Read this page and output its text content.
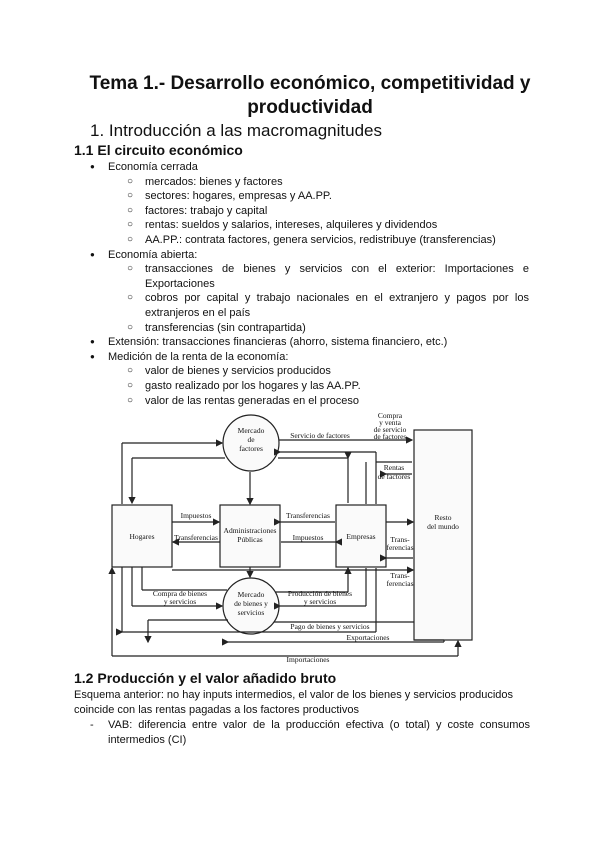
Tema 1.- Desarrollo económico, competitividad y productividad
1. Introducción a las macromagnitudes
1.1 El circuito económico
● Economía cerrada
○ mercados: bienes y factores
○ sectores: hogares, empresas y AA.PP.
○ factores: trabajo y capital
○ rentas: sueldos y salarios, intereses, alquileres y dividendos
○ AA.PP.: contrata factores, genera servicios, redistribuye (transferencias)
● Economía abierta:
○ transacciones de bienes y servicios con el exterior: Importaciones e Exportaciones
○ cobros por capital y trabajo nacionales en el extranjero y pagos por los extranjeros en el país
○ transferencias (sin contrapartida)
● Extensión: transacciones financieras (ahorro, sistema financiero, etc.)
● Medición de la renta de la economía:
○ valor de bienes y servicios producidos
○ gasto realizado por los hogares y las AA.PP.
○ valor de las rentas generadas en el proceso
Hogares
Administraciones
Públicas	Empresas
Resto
del mundo
Mercado
de
factores
Mercado
de bienes y
servicios
Servicio de factores
Compra
y venta
de servicio
de factores
Rentas
de factores
Impuestos
Transferencias
Transferencias
Impuestos	Trans-
ferencias
Trans-
ferencias
Compra de bienes
y servicios
Producción de bienes
y servicios
Pago de bienes y servicios
Exportaciones
Importaciones
1.2 Producción y el valor añadido bruto
Esquema anterior: no hay inputs intermedios, el valor de los bienes y servicios producidos coincide con las rentas pagadas a los factores productivos
-	VAB: diferencia entre valor de la producción efectiva (o total) y coste consumos intermedios (CI)
